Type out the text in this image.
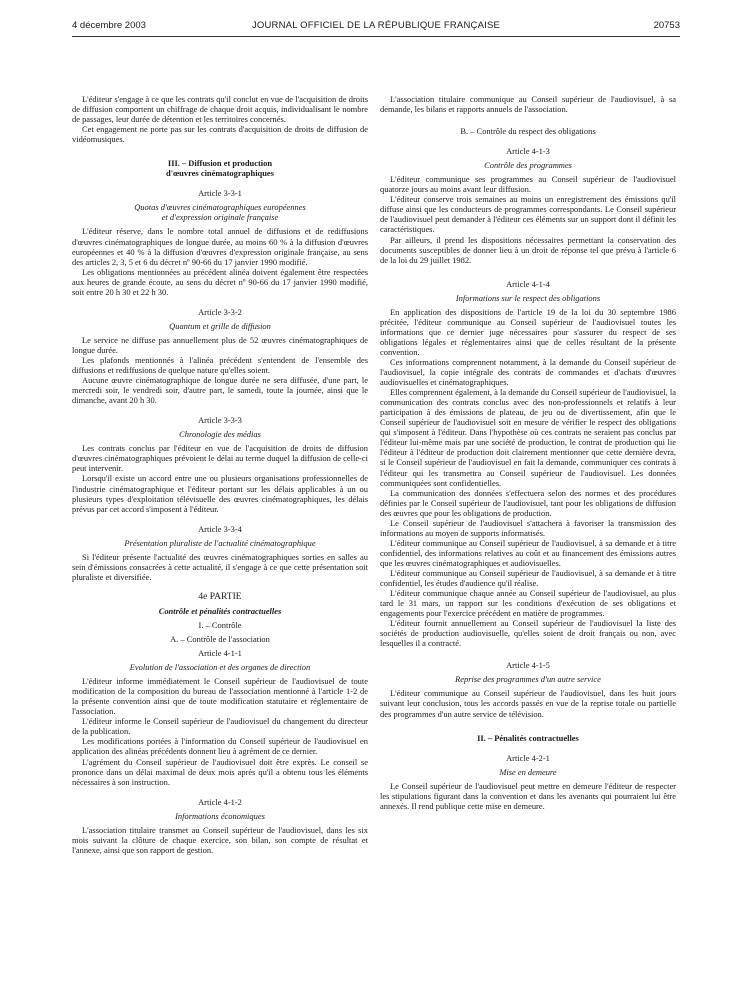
4 décembre 2003	JOURNAL OFFICIEL DE LA RÉPUBLIQUE FRANÇAISE	20753

L'éditeur s'engage à ce que les contrats qu'il conclut en vue de l'acquisition de droits de diffusion comportent un chiffrage de chaque droit acquis, individualisant le nombre de passages, leur durée de détention et les territoires concernés.

Cet engagement ne porte pas sur les contrats d'acquisition de droits de diffusion de vidéomusiques.

III. – Diffusion et production
d'œuvres cinématographiques
Article 3-3-1
Quotas d'œuvres cinématographiques européennes
et d'expression originale française

L'éditeur réserve, dans le nombre total annuel de diffusions et de rediffusions d'œuvres cinématographiques de longue durée, au moins 60 % à la diffusion d'œuvres européennes et 40 % à la diffusion d'œuvres d'expression originale française, au sens des articles 2, 3, 5 et 6 du décret nº 90-66 du 17 janvier 1990 modifié.

Les obligations mentionnées au précédent alinéa doivent également être respectées aux heures de grande écoute, au sens du décret nº 90-66 du 17 janvier 1990 modifié, soit entre 20 h 30 et 22 h 30.

Article 3-3-2
Quantum et grille de diffusion

Le service ne diffuse pas annuellement plus de 52 œuvres cinématographiques de longue durée.

Les plafonds mentionnés à l'alinéa précédent s'entendent de l'ensemble des diffusions et rediffusions de quelque nature qu'elles soient.

Aucune œuvre cinématographique de longue durée ne sera diffusée, d'une part, le mercredi soir, le vendredi soir, d'autre part, le samedi, toute la journée, ainsi que le dimanche, avant 20 h 30.

Article 3-3-3
Chronologie des médias

Les contrats conclus par l'éditeur en vue de l'acquisition de droits de diffusion d'œuvres cinématographiques prévoient le délai au terme duquel la diffusion de celle-ci peut intervenir.

Lorsqu'il existe un accord entre une ou plusieurs organisations professionnelles de l'industrie cinématographique et l'éditeur portant sur les délais applicables à un ou plusieurs types d'exploitation télévisuelle des œuvres cinématographiques, les délais prévus par cet accord s'imposent à l'éditeur.

Article 3-3-4
Présentation pluraliste de l'actualité cinématographique

Si l'éditeur présente l'actualité des œuvres cinématographiques sorties en salles au sein d'émissions consacrées à cette actualité, il s'engage à ce que cette présentation soit pluraliste et diversifiée.

4e PARTIE
Contrôle et pénalités contractuelles
I. – Contrôle
A. – Contrôle de l'association
Article 4-1-1
Evolution de l'association et des organes de direction

L'éditeur informe immédiatement le Conseil supérieur de l'audiovisuel de toute modification de la composition du bureau de l'association mentionné à l'article 1-2 de la présente convention ainsi que de toute modification statutaire et réglementaire de l'association.

L'éditeur informe le Conseil supérieur de l'audiovisuel du changement du directeur de la publication.

Les modifications portées à l'information du Conseil supérieur de l'audiovisuel en application des alinéas précédents donnent lieu à agrément de ce dernier.

L'agrément du Conseil supérieur de l'audiovisuel doit être exprès. Le conseil se prononce dans un délai maximal de deux mois après qu'il a obtenu tous les éléments nécessaires à son instruction.

Article 4-1-2
Informations économiques

L'association titulaire transmet au Conseil supérieur de l'audiovisuel, dans les six mois suivant la clôture de chaque exercice, son bilan, son compte de résultat et l'annexe, ainsi que son rapport de gestion.

L'association titulaire communique au Conseil supérieur de l'audiovisuel, à sa demande, les bilans et rapports annuels de l'association.

B. – Contrôle du respect des obligations
Article 4-1-3
Contrôle des programmes

L'éditeur communique ses programmes au Conseil supérieur de l'audiovisuel quatorze jours au moins avant leur diffusion.

L'éditeur conserve trois semaines au moins un enregistrement des émissions qu'il diffuse ainsi que les conducteurs de programmes correspondants. Le Conseil supérieur de l'audiovisuel peut demander à l'éditeur ces éléments sur un support dont il définit les caractéristiques.

Par ailleurs, il prend les dispositions nécessaires permettant la conservation des documents susceptibles de donner lieu à un droit de réponse tel que prévu à l'article 6 de la loi du 29 juillet 1982.

Article 4-1-4
Informations sur le respect des obligations

En application des dispositions de l'article 19 de la loi du 30 septembre 1986 précitée, l'éditeur communique au Conseil supérieur de l'audiovisuel toutes les informations que ce dernier juge nécessaires pour s'assurer du respect de ses obligations légales et réglementaires ainsi que de celles résultant de la présente convention.

Ces informations comprennent notamment, à la demande du Conseil supérieur de l'audiovisuel, la copie intégrale des contrats de commandes et d'achats d'œuvres audiovisuelles et cinématographiques.

Elles comprennent également, à la demande du Conseil supérieur de l'audiovisuel, la communication des contrats conclus avec des non-professionnels et relatifs à leur participation à des émissions de plateau, de jeu ou de divertissement, afin que le Conseil supérieur de l'audiovisuel soit en mesure de vérifier le respect des obligations qui s'imposent à l'éditeur. Dans l'hypothèse où ces contrats ne seraient pas conclus par l'éditeur lui-même mais par une société de production, le contrat de production qui lie l'éditeur à l'éditeur de production doit clairement mentionner que cette dernière devra, si le Conseil supérieur de l'audiovisuel en fait la demande, communiquer ces contrats à l'éditeur qui les transmettra au Conseil supérieur de l'audiovisuel. Les données communiquées sont confidentielles.

La communication des données s'effectuera selon des normes et des procédures définies par le Conseil supérieur de l'audiovisuel, tant pour les obligations de diffusion des œuvres que pour les obligations de production.

Le Conseil supérieur de l'audiovisuel s'attachera à favoriser la transmission des informations au moyen de supports informatisés.

L'éditeur communique au Conseil supérieur de l'audiovisuel, à sa demande et à titre confidentiel, des informations relatives au coût et au financement des émissions autres que les œuvres cinématographiques et audiovisuelles.

L'éditeur communique au Conseil supérieur de l'audiovisuel, à sa demande et à titre confidentiel, les études d'audience qu'il réalise.

L'éditeur communique chaque année au Conseil supérieur de l'audiovisuel, au plus tard le 31 mars, un rapport sur les conditions d'exécution de ses obligations et engagements pour l'exercice précédent en matière de programmes.

L'éditeur fournit annuellement au Conseil supérieur de l'audiovisuel la liste des sociétés de production audiovisuelle, qu'elles soient de droit français ou non, avec lesquelles il a contracté.

Article 4-1-5
Reprise des programmes d'un autre service

L'éditeur communique au Conseil supérieur de l'audiovisuel, dans les huit jours suivant leur conclusion, tous les accords passés en vue de la reprise totale ou partielle des programmes d'un autre service de télévision.

II. – Pénalités contractuelles
Article 4-2-1
Mise en demeure

Le Conseil supérieur de l'audiovisuel peut mettre en demeure l'éditeur de respecter les stipulations figurant dans la convention et dans les avenants qui pourraient lui être annexés. Il rend publique cette mise en demeure.
